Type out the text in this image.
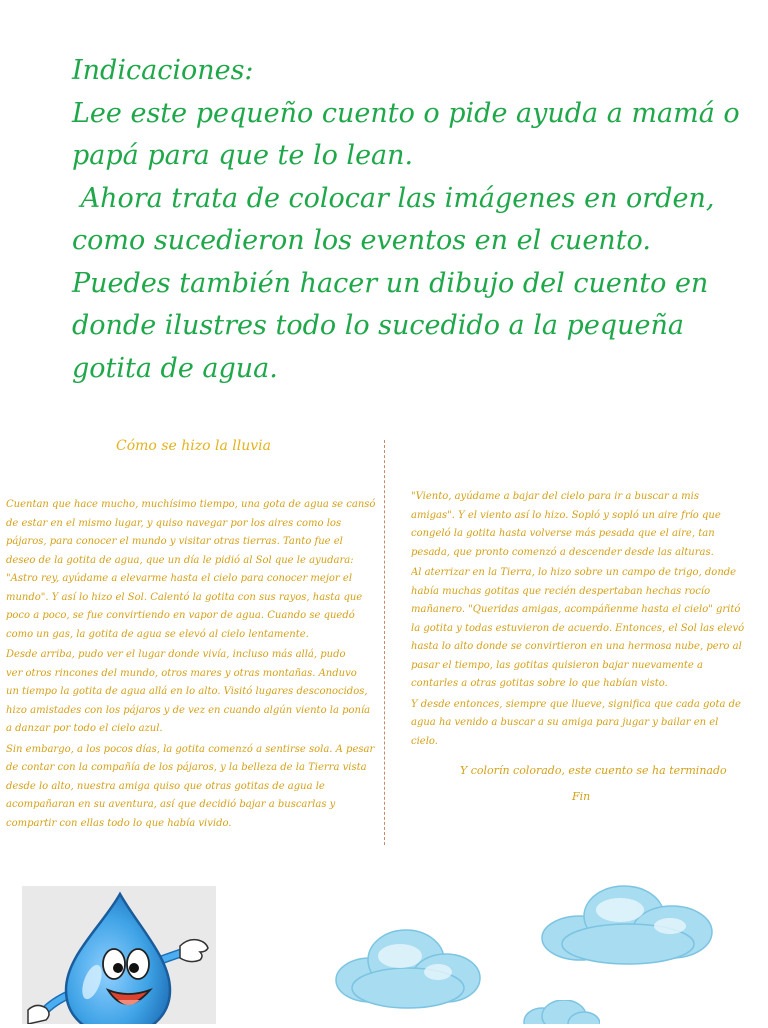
Indicaciones:
Lee este pequeño cuento o pide ayuda a mamá o
papá para que te lo lean.
Ahora trata de colocar las imágenes en orden,
como sucedieron los eventos en el cuento.
Puedes también hacer un dibujo del cuento en
donde ilustres todo lo sucedido a la pequeña
gotita de agua.
Cómo se hizo la lluvia

Cuentan que hace mucho, muchísimo tiempo, una gota de agua se cansó
de estar en el mismo lugar, y quiso navegar por los aires como los
pájaros, para conocer el mundo y visitar otras tierras. Tanto fue el
deseo de la gotita de agua, que un día le pidió al Sol que le ayudara:
"Astro rey, ayúdame a elevarme hasta el cielo para conocer mejor el
mundo". Y así lo hizo el Sol. Calentó la gotita con sus rayos, hasta que
poco a poco, se fue convirtiendo en vapor de agua. Cuando se quedó
como un gas, la gotita de agua se elevó al cielo lentamente.

Desde arriba, pudo ver el lugar donde vivía, incluso más allá, pudo
ver otros rincones del mundo, otros mares y otras montañas. Anduvo
un tiempo la gotita de agua allá en lo alto. Visitó lugares desconocidos,
hizo amistades con los pájaros y de vez en cuando algún viento la ponía
a danzar por todo el cielo azul.

Sin embargo, a los pocos días, la gotita comenzó a sentirse sola. A pesar
de contar con la compañía de los pájaros, y la belleza de la Tierra vista
desde lo alto, nuestra amiga quiso que otras gotitas de agua le
acompañaran en su aventura, así que decidió bajar a buscarlas y
compartir con ellas todo lo que había vivido.

"Viento, ayúdame a bajar del cielo para ir a buscar a mis
amigas". Y el viento así lo hizo. Sopló y sopló un aire frío que
congeló la gotita hasta volverse más pesada que el aire, tan
pesada, que pronto comenzó a descender desde las alturas.

Al aterrizar en la Tierra, lo hizo sobre un campo de trigo, donde
había muchas gotitas que recién despertaban hechas rocío
mañanero. "Queridas amigas, acompáñenme hasta el cielo" gritó
la gotita y todas estuvieron de acuerdo. Entonces, el Sol las elevó
hasta lo alto donde se convirtieron en una hermosa nube, pero al
pasar el tiempo, las gotitas quisieron bajar nuevamente a
contarles a otras gotitas sobre lo que habían visto.

Y desde entonces, siempre que llueve, significa que cada gota de
agua ha venido a buscar a su amiga para jugar y bailar en el
cielo.

Y colorín colorado, este cuento se ha terminado
Fin
